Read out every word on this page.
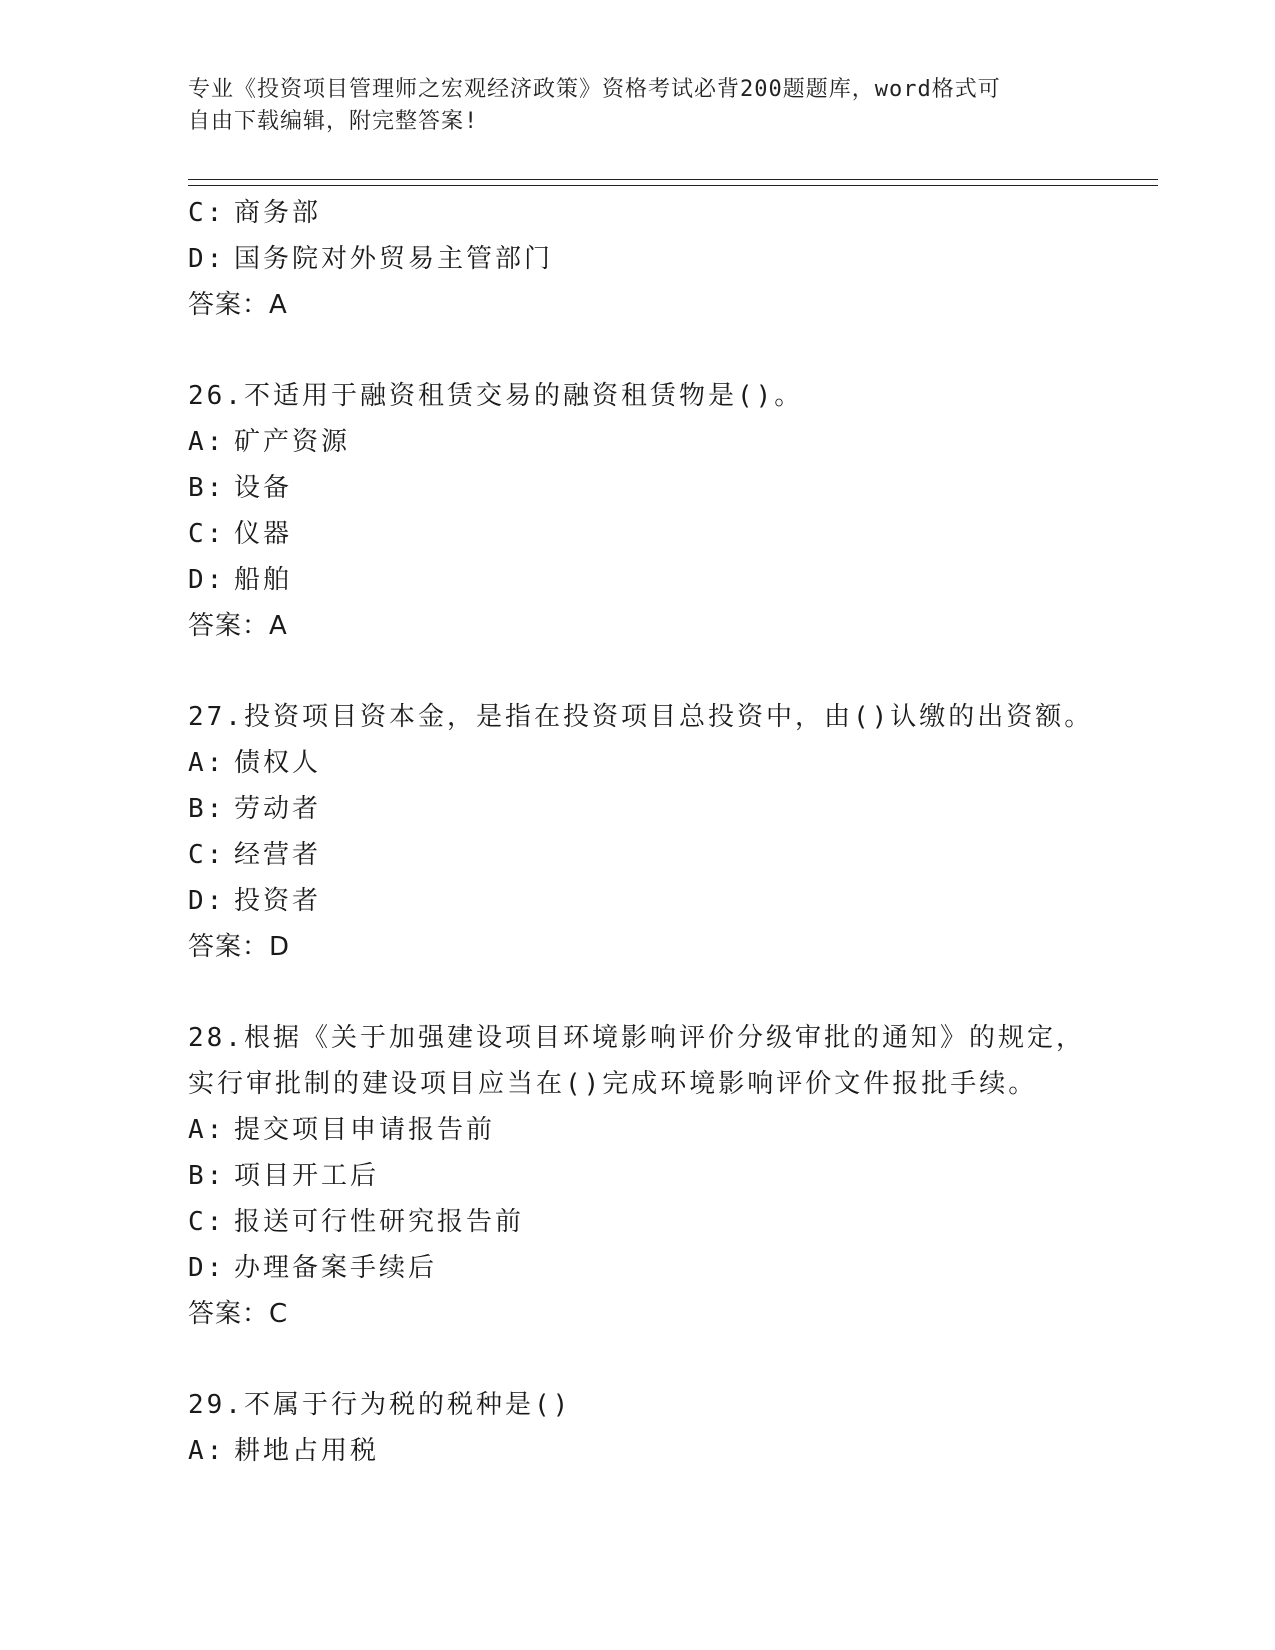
专业《投资项目管理师之宏观经济政策》资格考试必背200题题库，word格式可
自由下载编辑，附完整答案!
C: 商务部
D: 国务院对外贸易主管部门
答案：A
26.不适用于融资租赁交易的融资租赁物是()。
A: 矿产资源
B: 设备
C: 仪器
D: 船舶
答案：A
27.投资项目资本金，是指在投资项目总投资中，由()认缴的出资额。
A: 债权人
B: 劳动者
C: 经营者
D: 投资者
答案：D
28.根据《关于加强建设项目环境影响评价分级审批的通知》的规定，
实行审批制的建设项目应当在()完成环境影响评价文件报批手续。
A: 提交项目申请报告前
B: 项目开工后
C: 报送可行性研究报告前
D: 办理备案手续后
答案：C
29.不属于行为税的税种是()
A: 耕地占用税
